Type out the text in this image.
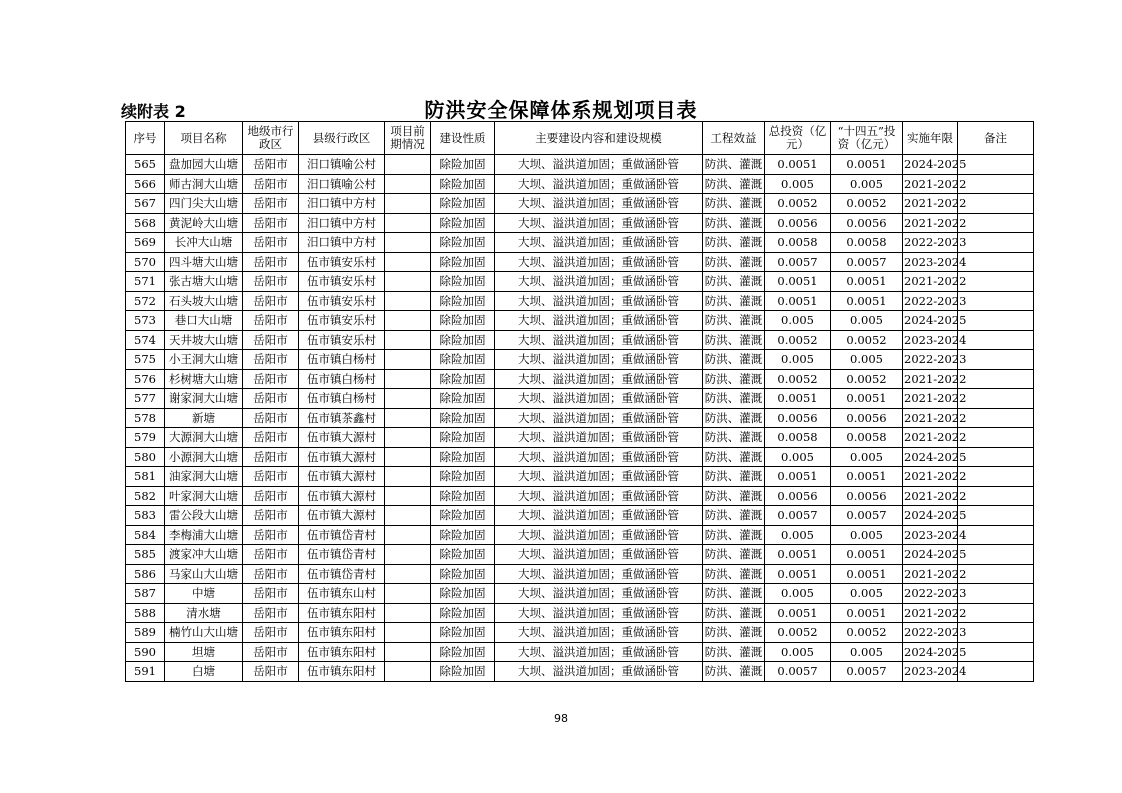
续附表 2	防洪安全保障体系规划项目表
序号	项目名称	地级市行政区	县级行政区	项目前期情况	建设性质	主要建设内容和建设规模	工程效益	总投资（亿元）	“十四五”投资（亿元）	实施年限	备注
565	盘加园大山塘	岳阳市	汨口镇喻公村		除险加固	大坝、溢洪道加固；重做涵卧管	防洪、灌溉	0.0051	0.0051	2024-2025	
566	师古洞大山塘	岳阳市	汨口镇喻公村		除险加固	大坝、溢洪道加固；重做涵卧管	防洪、灌溉	0.005	0.005	2021-2022	
567	四门尖大山塘	岳阳市	汨口镇中方村		除险加固	大坝、溢洪道加固；重做涵卧管	防洪、灌溉	0.0052	0.0052	2021-2022	
568	黄泥岭大山塘	岳阳市	汨口镇中方村		除险加固	大坝、溢洪道加固；重做涵卧管	防洪、灌溉	0.0056	0.0056	2021-2022	
569	长冲大山塘	岳阳市	汨口镇中方村		除险加固	大坝、溢洪道加固；重做涵卧管	防洪、灌溉	0.0058	0.0058	2022-2023	
570	四斗塘大山塘	岳阳市	伍市镇安乐村		除险加固	大坝、溢洪道加固；重做涵卧管	防洪、灌溉	0.0057	0.0057	2023-2024	
571	张古塘大山塘	岳阳市	伍市镇安乐村		除险加固	大坝、溢洪道加固；重做涵卧管	防洪、灌溉	0.0051	0.0051	2021-2022	
572	石头坡大山塘	岳阳市	伍市镇安乐村		除险加固	大坝、溢洪道加固；重做涵卧管	防洪、灌溉	0.0051	0.0051	2022-2023	
573	巷口大山塘	岳阳市	伍市镇安乐村		除险加固	大坝、溢洪道加固；重做涵卧管	防洪、灌溉	0.005	0.005	2024-2025	
574	天井坡大山塘	岳阳市	伍市镇安乐村		除险加固	大坝、溢洪道加固；重做涵卧管	防洪、灌溉	0.0052	0.0052	2023-2024	
575	小王洞大山塘	岳阳市	伍市镇白杨村		除险加固	大坝、溢洪道加固；重做涵卧管	防洪、灌溉	0.005	0.005	2022-2023	
576	杉树塘大山塘	岳阳市	伍市镇白杨村		除险加固	大坝、溢洪道加固；重做涵卧管	防洪、灌溉	0.0052	0.0052	2021-2022	
577	谢家洞大山塘	岳阳市	伍市镇白杨村		除险加固	大坝、溢洪道加固；重做涵卧管	防洪、灌溉	0.0051	0.0051	2021-2022	
578	新塘	岳阳市	伍市镇茶鑫村		除险加固	大坝、溢洪道加固；重做涵卧管	防洪、灌溉	0.0056	0.0056	2021-2022	
579	大源洞大山塘	岳阳市	伍市镇大源村		除险加固	大坝、溢洪道加固；重做涵卧管	防洪、灌溉	0.0058	0.0058	2021-2022	
580	小源洞大山塘	岳阳市	伍市镇大源村		除险加固	大坝、溢洪道加固；重做涵卧管	防洪、灌溉	0.005	0.005	2024-2025	
581	油家洞大山塘	岳阳市	伍市镇大源村		除险加固	大坝、溢洪道加固；重做涵卧管	防洪、灌溉	0.0051	0.0051	2021-2022	
582	叶家洞大山塘	岳阳市	伍市镇大源村		除险加固	大坝、溢洪道加固；重做涵卧管	防洪、灌溉	0.0056	0.0056	2021-2022	
583	雷公段大山塘	岳阳市	伍市镇大源村		除险加固	大坝、溢洪道加固；重做涵卧管	防洪、灌溉	0.0057	0.0057	2024-2025	
584	李梅浦大山塘	岳阳市	伍市镇岱青村		除险加固	大坝、溢洪道加固；重做涵卧管	防洪、灌溉	0.005	0.005	2023-2024	
585	渡家冲大山塘	岳阳市	伍市镇岱青村		除险加固	大坝、溢洪道加固；重做涵卧管	防洪、灌溉	0.0051	0.0051	2024-2025	
586	马家山大山塘	岳阳市	伍市镇岱青村		除险加固	大坝、溢洪道加固；重做涵卧管	防洪、灌溉	0.0051	0.0051	2021-2022	
587	中塘	岳阳市	伍市镇东山村		除险加固	大坝、溢洪道加固；重做涵卧管	防洪、灌溉	0.005	0.005	2022-2023	
588	清水塘	岳阳市	伍市镇东阳村		除险加固	大坝、溢洪道加固；重做涵卧管	防洪、灌溉	0.0051	0.0051	2021-2022	
589	楠竹山大山塘	岳阳市	伍市镇东阳村		除险加固	大坝、溢洪道加固；重做涵卧管	防洪、灌溉	0.0052	0.0052	2022-2023	
590	坦塘	岳阳市	伍市镇东阳村		除险加固	大坝、溢洪道加固；重做涵卧管	防洪、灌溉	0.005	0.005	2024-2025	
591	白塘	岳阳市	伍市镇东阳村		除险加固	大坝、溢洪道加固；重做涵卧管	防洪、灌溉	0.0057	0.0057	2023-2024	
98
